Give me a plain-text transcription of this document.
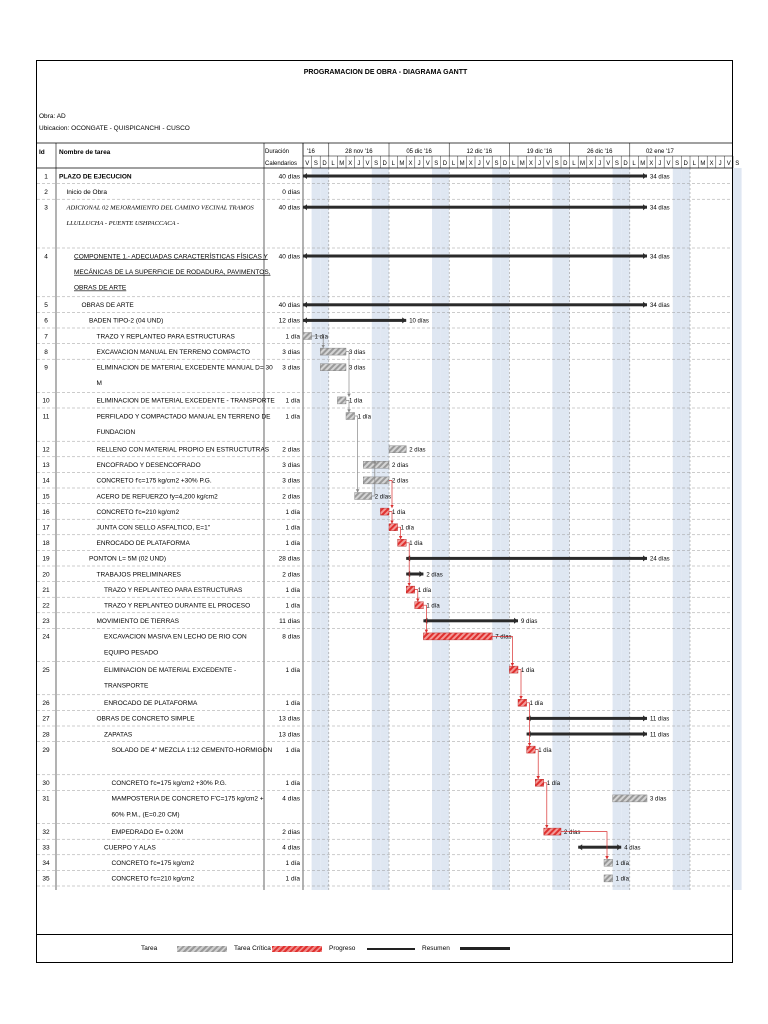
PROGRAMACION DE OBRA - DIAGRAMA GANTT
Obra: AD
Ubicacion: OCONGATE - QUISPICANCHI - CUSCO
Id Nombre de tarea	Duración
Calendarios
'16	28 nov '16	05 dic '16	12 dic '16	19 dic '16	26 dic '16	02 ene '17
V S D L M X J V S D L M X J V S D L M X J V S D L M X J V S D L M X J V S D L M X J V S D L M X J V S
1 PLAZO DE EJECUCION	40 días	34 días
2	Inicio de Obra	0 días
3	ADICIONAL 02 MEJORAMIENTO DEL CAMINO VECINAL TRAMOS LLULLUCHA - PUENTE USHPACCACA -
40 días	34 días
4	COMPONENTE 1.- ADECUADAS CARACTERÍSTICAS FÍSICAS Y MECÁNICAS DE LA SUPERFICIE DE RODADURA, PAVIMENTOS, OBRAS DE ARTE
40 días	34 días
5	OBRAS DE ARTE	40 días	34 días
6	BADEN TIPO-2 (04 UND)	12 días	10 días
7	TRAZO Y REPLANTEO PARA ESTRUCTURAS	1 día 1 día
8	EXCAVACION MANUAL EN TERRENO COMPACTO	3 días	3 días
9	ELIMINACION DE MATERIAL EXCEDENTE MANUAL D= 30 M
3 días	3 días
10	ELIMINACION DE MATERIAL EXCEDENTE - TRANSPORTE 1 día	1 día
11	PERFILADO Y COMPACTADO MANUAL EN TERRENO DE FUNDACION
1 día	1 día
12	RELLENO CON MATERIAL PROPIO EN ESTRUCTUTRAS 2 días	2 días
13	ENCOFRADO Y DESENCOFRADO	3 días	2 días
14	CONCRETO f'c=175 kg/cm2 +30% P.G.	3 días	2 días
15	ACERO DE REFUERZO fy=4,200 kg/cm2	2 días	2 días
16	CONCRETO f'c=210 kg/cm2	1 día	1 día
17	JUNTA CON SELLO ASFALTICO, E=1"	1 día	1 día
18	ENROCADO DE PLATAFORMA	1 día	1 día
19	PONTON L= 5M (02 UND)	28 días	24 días
20	TRABAJOS PRELIMINARES	2 días	2 días
21	TRAZO Y REPLANTEO PARA ESTRUCTURAS	1 día	1 día
22	TRAZO Y REPLANTEO DURANTE EL PROCESO	1 día	1 día
23	MOVIMIENTO DE TIERRAS	11 días	9 días
24	EXCAVACION MASIVA EN LECHO DE RIO CON EQUIPO PESADO
8 días	7 días
25	ELIMINACION DE MATERIAL EXCEDENTE -TRANSPORTE
1 día	1 día
26	ENROCADO DE PLATAFORMA	1 día	1 día
27	OBRAS DE CONCRETO SIMPLE	13 días	11 días
28	ZAPATAS	13 días	11 días
29	SOLADO DE 4" MEZCLA 1:12 CEMENTO-HORMIGON 1 día	1 día
30	CONCRETO f'c=175 kg/cm2 +30% P.G.	1 día	1 día
31	MAMPOSTERIA DE CONCRETO F'C=175 kg/cm2 + 60% P.M., (E=0.20 CM)
4 días	3 días
32	EMPEDRADO E= 0.20M	2 días	2 días
33	CUERPO Y ALAS	4 días	4 días
34	CONCRETO f'c=175 kg/cm2	1 día	1 día
35	CONCRETO f'c=210 kg/cm2	1 día	1 día
Tarea	Tarea Crítica	Progreso	Resumen
